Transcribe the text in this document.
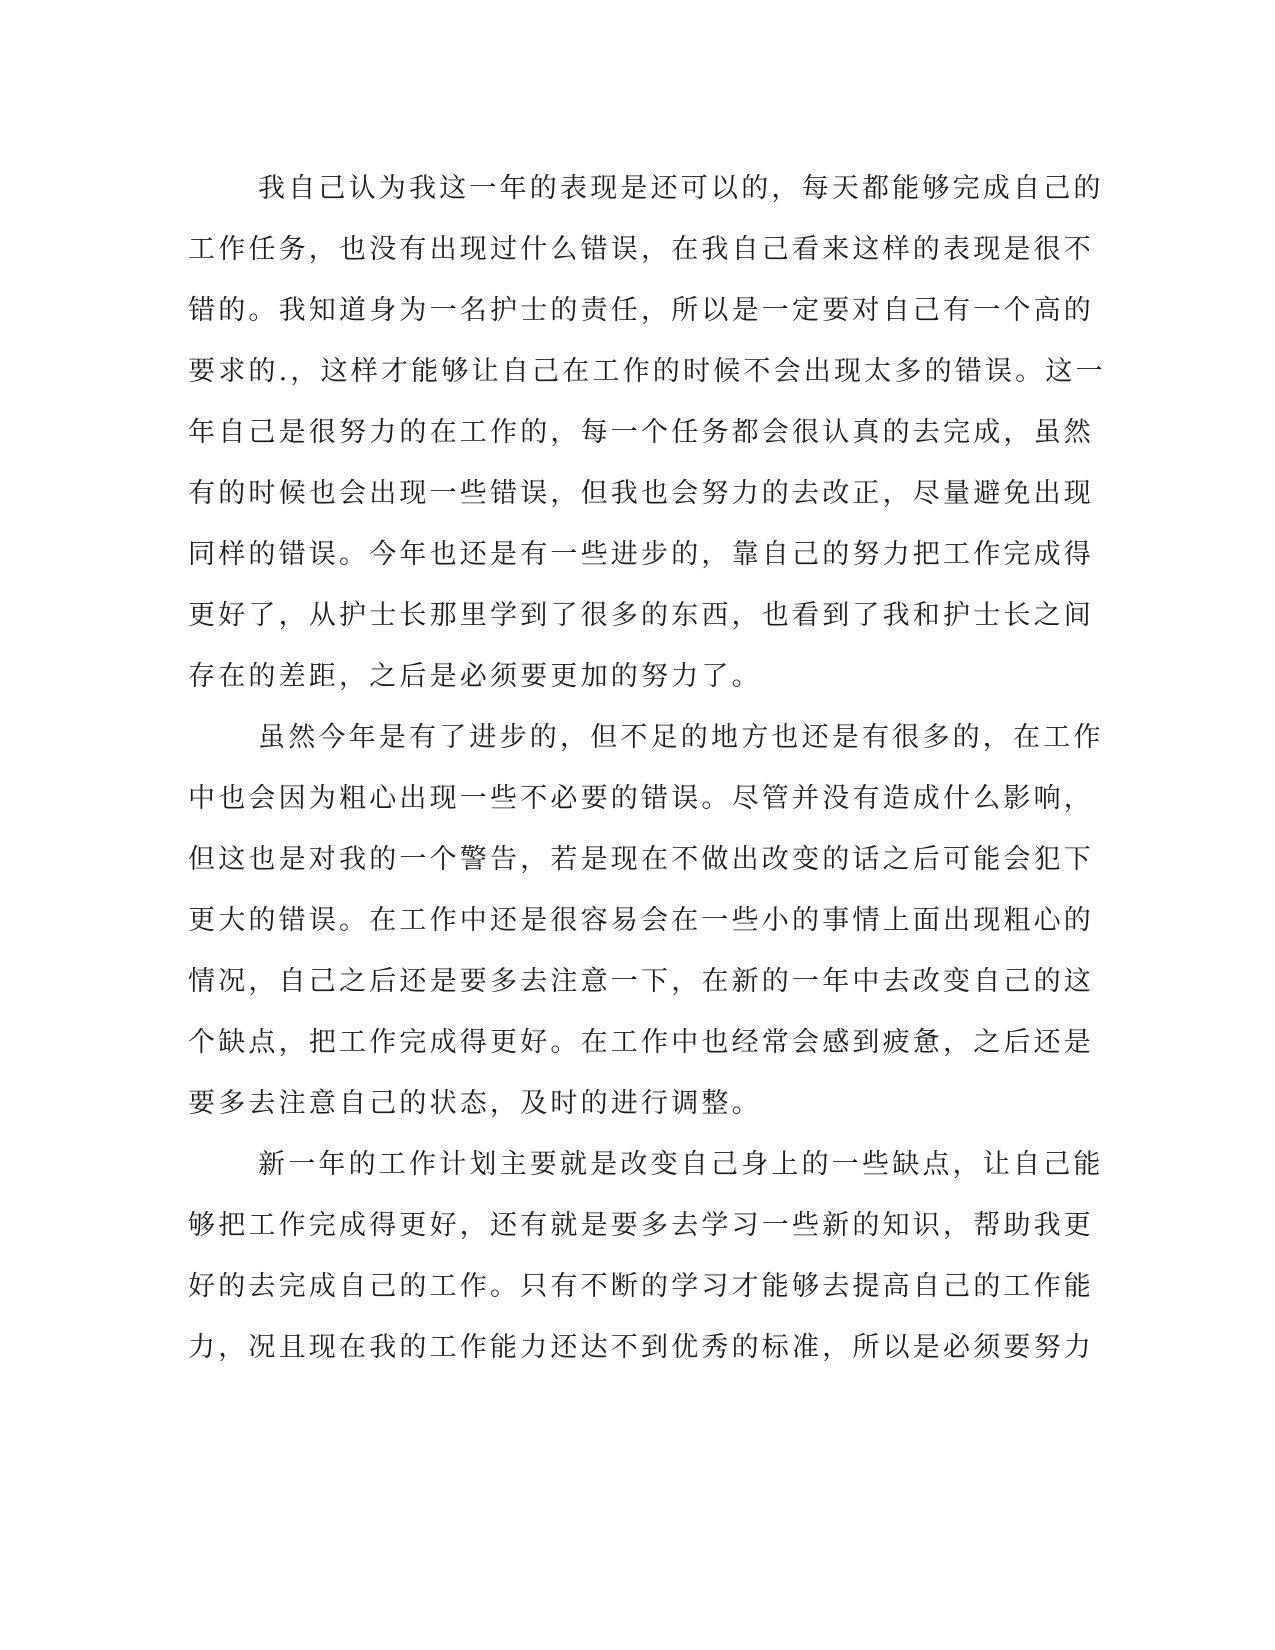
我自己认为我这一年的表现是还可以的，每天都能够完成自己的
工作任务，也没有出现过什么错误，在我自己看来这样的表现是很不
错的。我知道身为一名护士的责任，所以是一定要对自己有一个高的
要求的.，这样才能够让自己在工作的时候不会出现太多的错误。这一
年自己是很努力的在工作的，每一个任务都会很认真的去完成，虽然
有的时候也会出现一些错误，但我也会努力的去改正，尽量避免出现
同样的错误。今年也还是有一些进步的，靠自己的努力把工作完成得
更好了，从护士长那里学到了很多的东西，也看到了我和护士长之间
存在的差距，之后是必须要更加的努力了。
虽然今年是有了进步的，但不足的地方也还是有很多的，在工作
中也会因为粗心出现一些不必要的错误。尽管并没有造成什么影响，
但这也是对我的一个警告，若是现在不做出改变的话之后可能会犯下
更大的错误。在工作中还是很容易会在一些小的事情上面出现粗心的
情况，自己之后还是要多去注意一下，在新的一年中去改变自己的这
个缺点，把工作完成得更好。在工作中也经常会感到疲惫，之后还是
要多去注意自己的状态，及时的进行调整。
新一年的工作计划主要就是改变自己身上的一些缺点，让自己能
够把工作完成得更好，还有就是要多去学习一些新的知识，帮助我更
好的去完成自己的工作。只有不断的学习才能够去提高自己的工作能
力，况且现在我的工作能力还达不到优秀的标准，所以是必须要努力
